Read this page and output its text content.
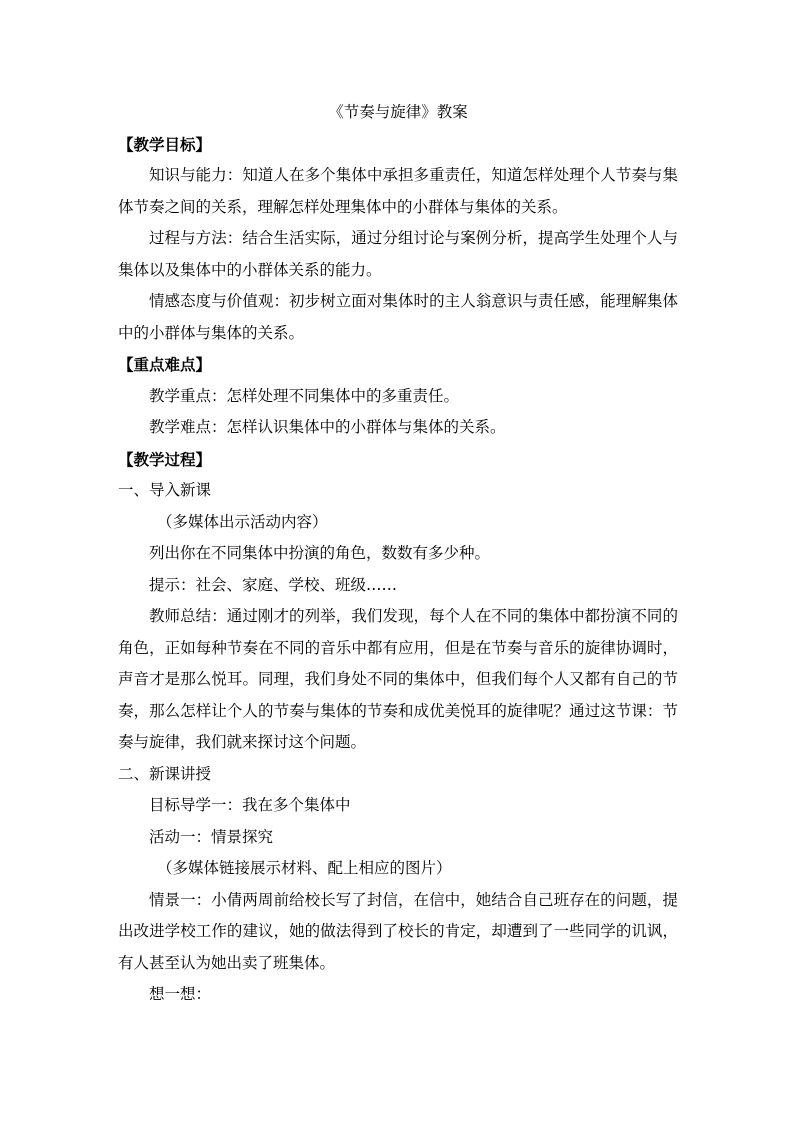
《节奏与旋律》教案

【教学目标】

知识与能力：知道人在多个集体中承担多重责任，知道怎样处理个人节奏与集体节奏之间的关系，理解怎样处理集体中的小群体与集体的关系。

过程与方法：结合生活实际，通过分组讨论与案例分析，提高学生处理个人与集体以及集体中的小群体关系的能力。

情感态度与价值观：初步树立面对集体时的主人翁意识与责任感，能理解集体中的小群体与集体的关系。

【重点难点】

教学重点：怎样处理不同集体中的多重责任。

教学难点：怎样认识集体中的小群体与集体的关系。

【教学过程】

一、导入新课

（多媒体出示活动内容）

列出你在不同集体中扮演的角色，数数有多少种。

提示：社会、家庭、学校、班级……

教师总结：通过刚才的列举，我们发现，每个人在不同的集体中都扮演不同的角色，正如每种节奏在不同的音乐中都有应用，但是在节奏与音乐的旋律协调时，声音才是那么悦耳。同理，我们身处不同的集体中，但我们每个人又都有自己的节奏，那么怎样让个人的节奏与集体的节奏和成优美悦耳的旋律呢？通过这节课：节奏与旋律，我们就来探讨这个问题。

二、新课讲授

目标导学一：我在多个集体中

活动一：情景探究

（多媒体链接展示材料、配上相应的图片）

情景一：小倩两周前给校长写了封信，在信中，她结合自己班存在的问题，提出改进学校工作的建议，她的做法得到了校长的肯定，却遭到了一些同学的讥讽，有人甚至认为她出卖了班集体。

想一想：
